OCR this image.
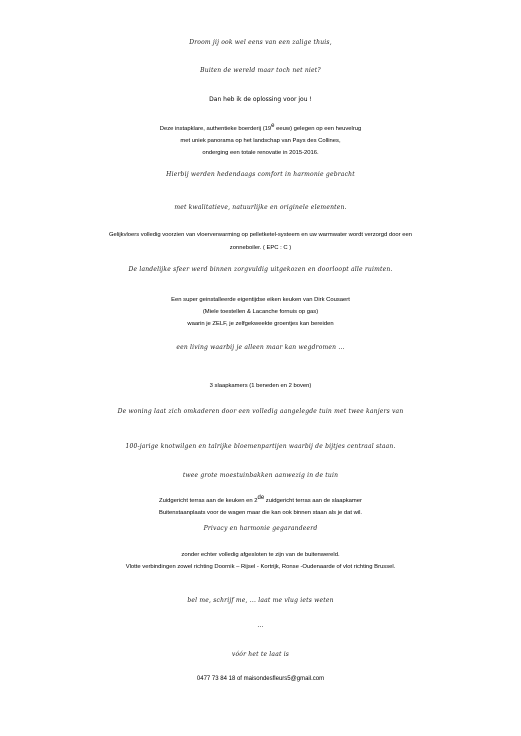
Droom jij ook wel eens van een zalige thuis,
Buiten de wereld maar toch net niet?
Dan heb ik de oplossing voor jou !
Deze instapklare, authentieke boerderij (19e eeuw) gelegen op een heuvelrug
met uniek panorama op het landschap van Pays des Collines,
onderging een totale renovatie in 2015-2016.
Hierbij werden hedendaags comfort in harmonie gebracht
met kwalitatieve, natuurlijke en originele elementen.
Gelijkvloers volledig voorzien van vloerverwarming op pelletketel-systeem en uw warmwater wordt verzorgd door een
zonneboiler. ( EPC : C )
De landelijke sfeer werd binnen zorgvuldig uitgekozen en doorloopt alle ruimten.
Een super geinstalleerde eigentijdse eiken keuken van Dirk Cousaert
(Miele toestellen & Lacanche fornuis op gas)
waarin je ZELF, je zelfgekweekte groentjes kan bereiden
een living waarbij je alleen maar kan wegdromen ...
3 slaapkamers (1 beneden en 2 boven)
De woning laat zich omkaderen door een volledig aangelegde tuin met twee kanjers van
100-jarige knotwilgen en talrijke bloemenpartijen waarbij de bijtjes centraal staan.
twee grote moestuinbakken aanwezig in de tuin
Zuidgericht terras aan de keuken en 2de zuidgericht terras aan de slaapkamer
Buitenstaanplaats voor de wagen maar die kan ook binnen staan als je dat wil.
Privacy en harmonie gegarandeerd
zonder echter volledig afgesloten te zijn van de buitenwereld.
Vlotte verbindingen zowel richting Doornik – Rijsel - Kortrijk, Ronse -Oudenaarde of vlot richting Brussel.
bel me, schrijf me, ... laat me vlug iets weten
...
vóór het te laat is
0477 73 84 18 of maisondesfleurs5@gmail.com
